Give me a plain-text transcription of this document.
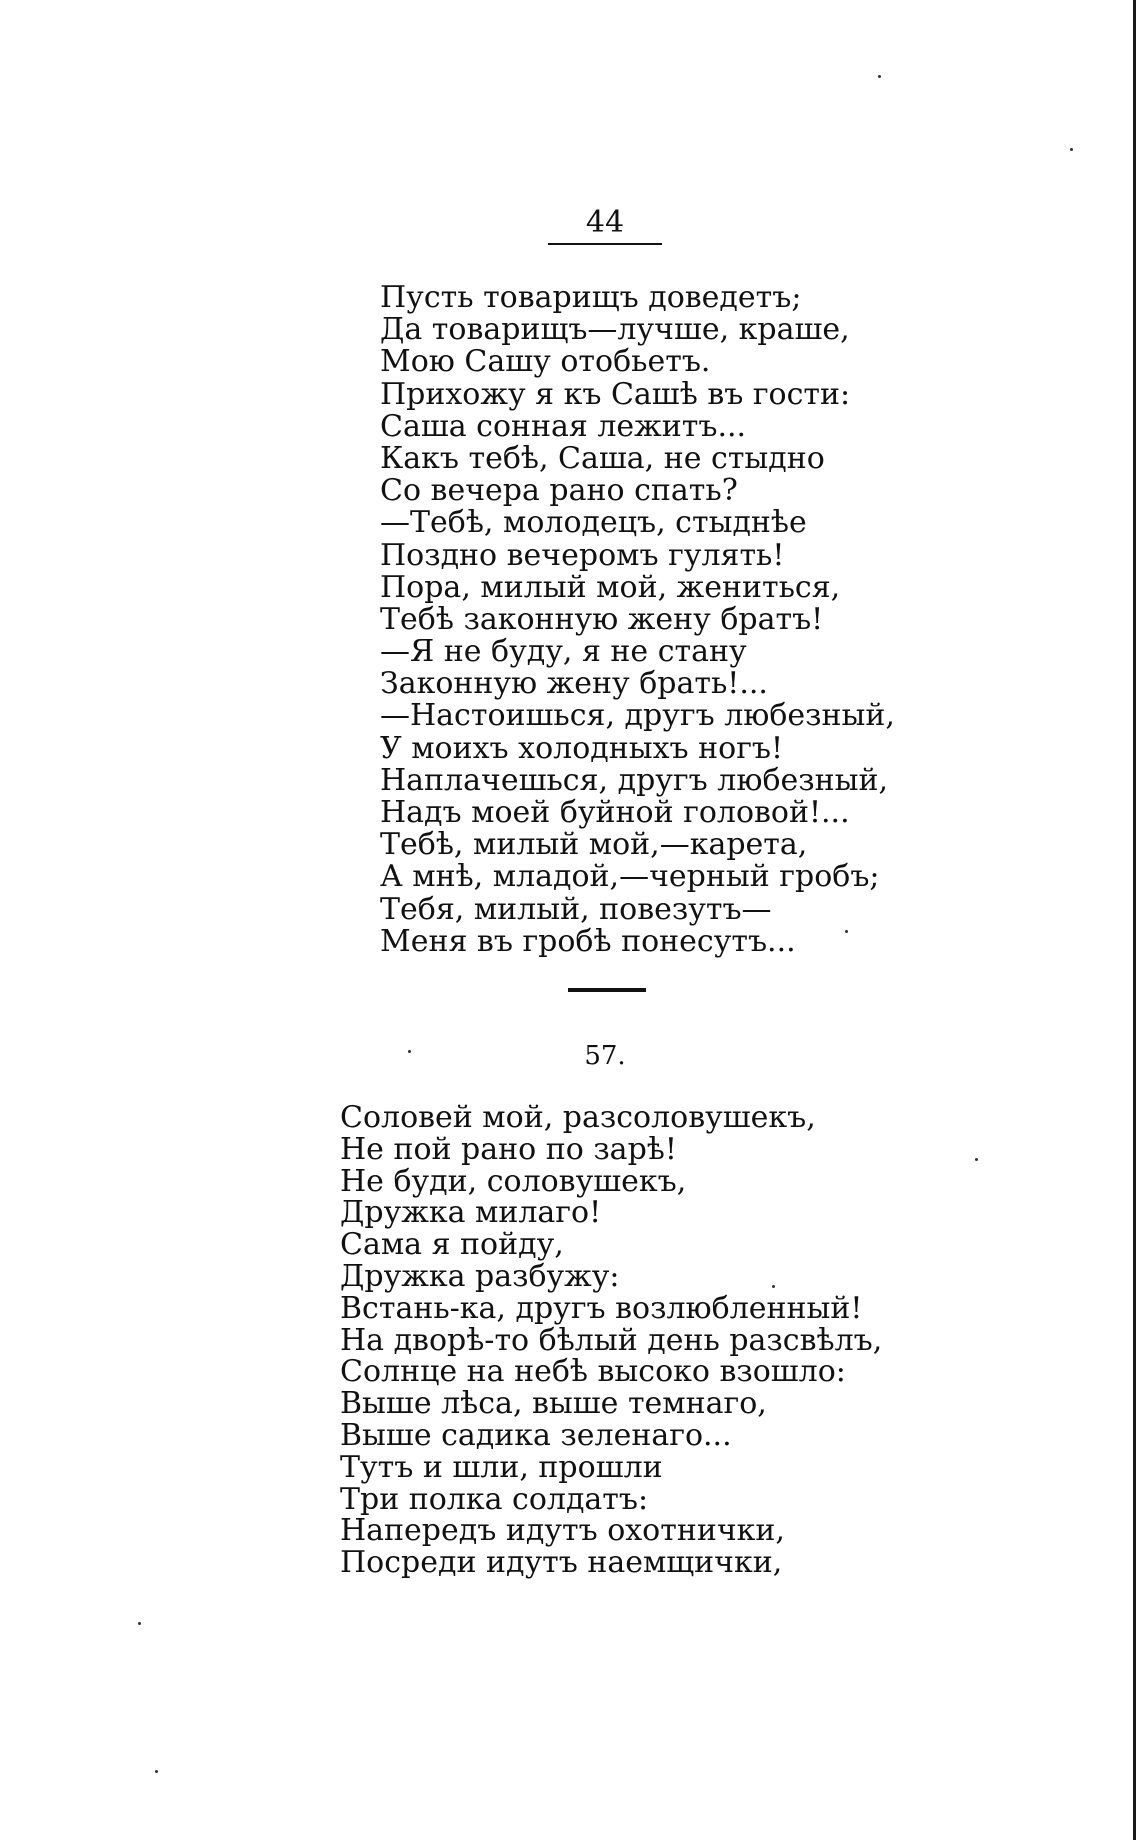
44
Пусть товарищъ доведетъ;
Да товарищъ—лучше, краше,
Мою Сашу отобьетъ.
Прихожу я къ Сашѣ въ гости:
Саша сонная лежитъ...
Какъ тебѣ, Саша, не стыдно
Со вечера рано спать?
—Тебѣ, молодецъ, стыднѣе
Поздно вечеромъ гулять!
Пора, милый мой, жениться,
Тебѣ законную жену братъ!
—Я не буду, я не стану
Законную жену брать!...
—Настоишься, другъ любезный,
У моихъ холодныхъ ногъ!
Наплачешься, другъ любезный,
Надъ моей буйной головой!...
Тебѣ, милый мой,—карета,
А мнѣ, младой,—черный гробъ;
Тебя, милый, повезутъ—
Меня въ гробѣ понесутъ...
57.
Соловей мой, разсоловушекъ,
Не пой рано по зарѣ!
Не буди, соловушекъ,
Дружка милаго!
Сама я пойду,
Дружка разбужу:
Встань-ка, другъ возлюбленный!
На дворѣ-то бѣлый день разсвѣлъ,
Солнце на небѣ высоко взошло:
Выше лѣса, выше темнаго,
Выше садика зеленаго...
Тутъ и шли, прошли
Три полка солдатъ:
Напередъ идутъ охотнички,
Посреди идутъ наемщички,
